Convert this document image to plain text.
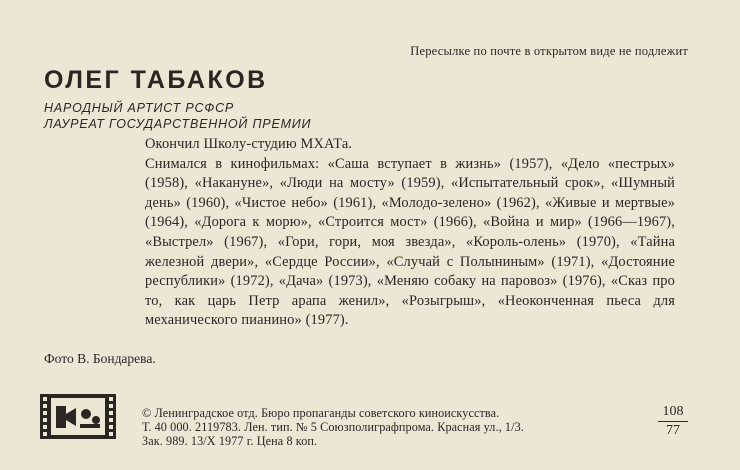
Пересылке по почте в открытом виде не подлежит
ОЛЕГ ТАБАКОВ
НАРОДНЫЙ АРТИСТ РСФСР
ЛАУРЕАТ ГОСУДАРСТВЕННОЙ ПРЕМИИ

Окончил Школу-студию МХАТа.

Снимался в кинофильмах: «Саша вступает в жизнь» (1957), «Дело «пестрых» (1958), «Накануне», «Люди на мосту» (1959), «Испытательный срок», «Шумный день» (1960), «Чистое небо» (1961), «Молодо-зелено» (1962), «Живые и мертвые» (1964), «Дорога к морю», «Строится мост» (1966), «Война и мир» (1966—1967), «Выстрел» (1967), «Гори, гори, моя звезда», «Король-олень» (1970), «Тайна железной двери», «Сердце России», «Случай с Полыниным» (1971), «Достояние республики» (1972), «Дача» (1973), «Меняю собаку на паровоз» (1976), «Сказ про то, как царь Петр арапа женил», «Розыгрыш», «Неоконченная пьеса для механического пианино» (1977).

Фото В. Бондарева.
© Ленинградское отд. Бюро пропаганды советского киноискусства.
Т. 40 000. 2119783. Лен. тип. № 5 Союзполиграфпрома. Красная ул., 1/3.
Зак. 989. 13/X 1977 г. Цена 8 коп.
108
77
